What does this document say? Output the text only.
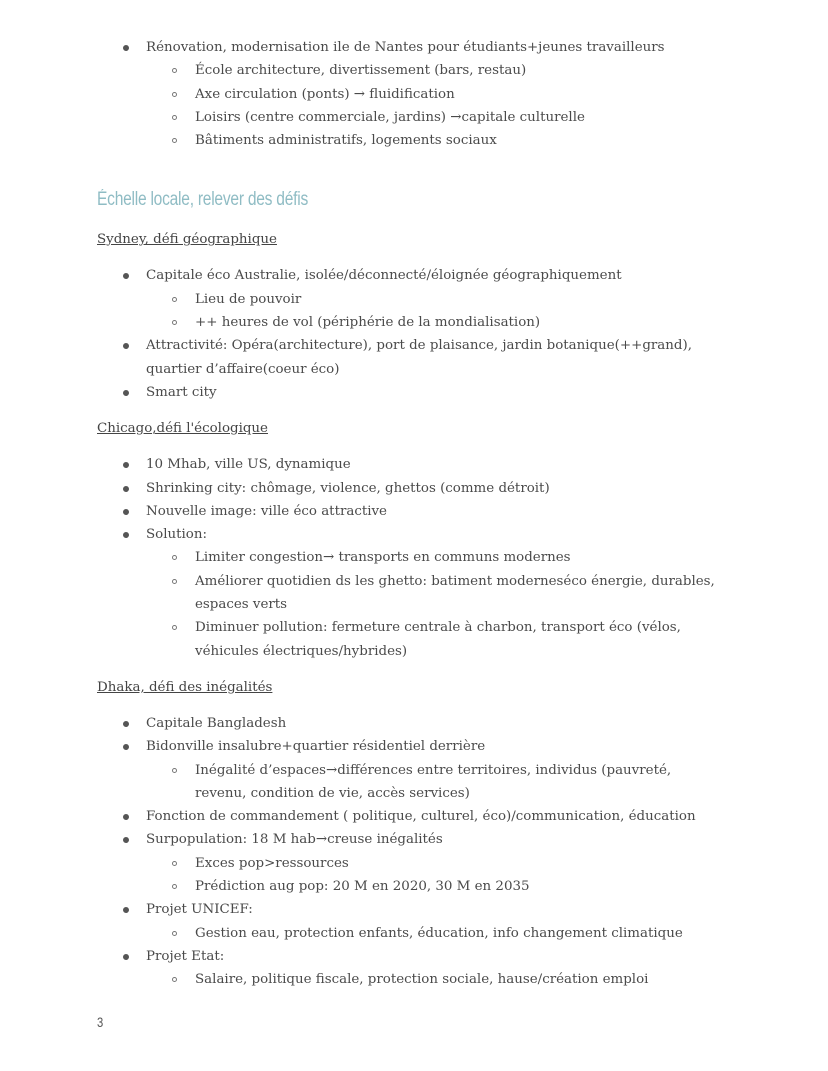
Rénovation, modernisation ile de Nantes pour étudiants+jeunes travailleurs
École architecture, divertissement (bars, restau)
Axe circulation (ponts) → fluidification
Loisirs (centre commerciale, jardins) →capitale culturelle
Bâtiments administratifs, logements sociaux
Échelle locale, relever des défis
Sydney, défi géographique
Capitale éco Australie, isolée/déconnecté/éloignée géographiquement
Lieu de pouvoir
++ heures de vol (périphérie de la mondialisation)
Attractivité: Opéra(architecture), port de plaisance, jardin botanique(++grand), quartier d’affaire(coeur éco)
Smart city
Chicago,défi l'écologique
10 Mhab, ville US, dynamique
Shrinking city: chômage, violence, ghettos (comme détroit)
Nouvelle image: ville éco attractive
Solution:
Limiter congestion→ transports en communs modernes
Améliorer quotidien ds les ghetto: batiment moderneséco énergie, durables, espaces verts
Diminuer pollution: fermeture centrale à charbon, transport éco (vélos, véhicules électriques/hybrides)
Dhaka, défi des inégalités
Capitale Bangladesh
Bidonville insalubre+quartier résidentiel derrière
Inégalité d’espaces→différences entre territoires, individus (pauvreté, revenu, condition de vie, accès services)
Fonction de commandement ( politique, culturel, éco)/communication, éducation
Surpopulation: 18 M hab→creuse inégalités
Exces pop>ressources
Prédiction aug pop: 20 M en 2020, 30 M en 2035
Projet UNICEF:
Gestion eau, protection enfants, éducation, info changement climatique
Projet Etat:
Salaire, politique fiscale, protection sociale, hause/création emploi
3
